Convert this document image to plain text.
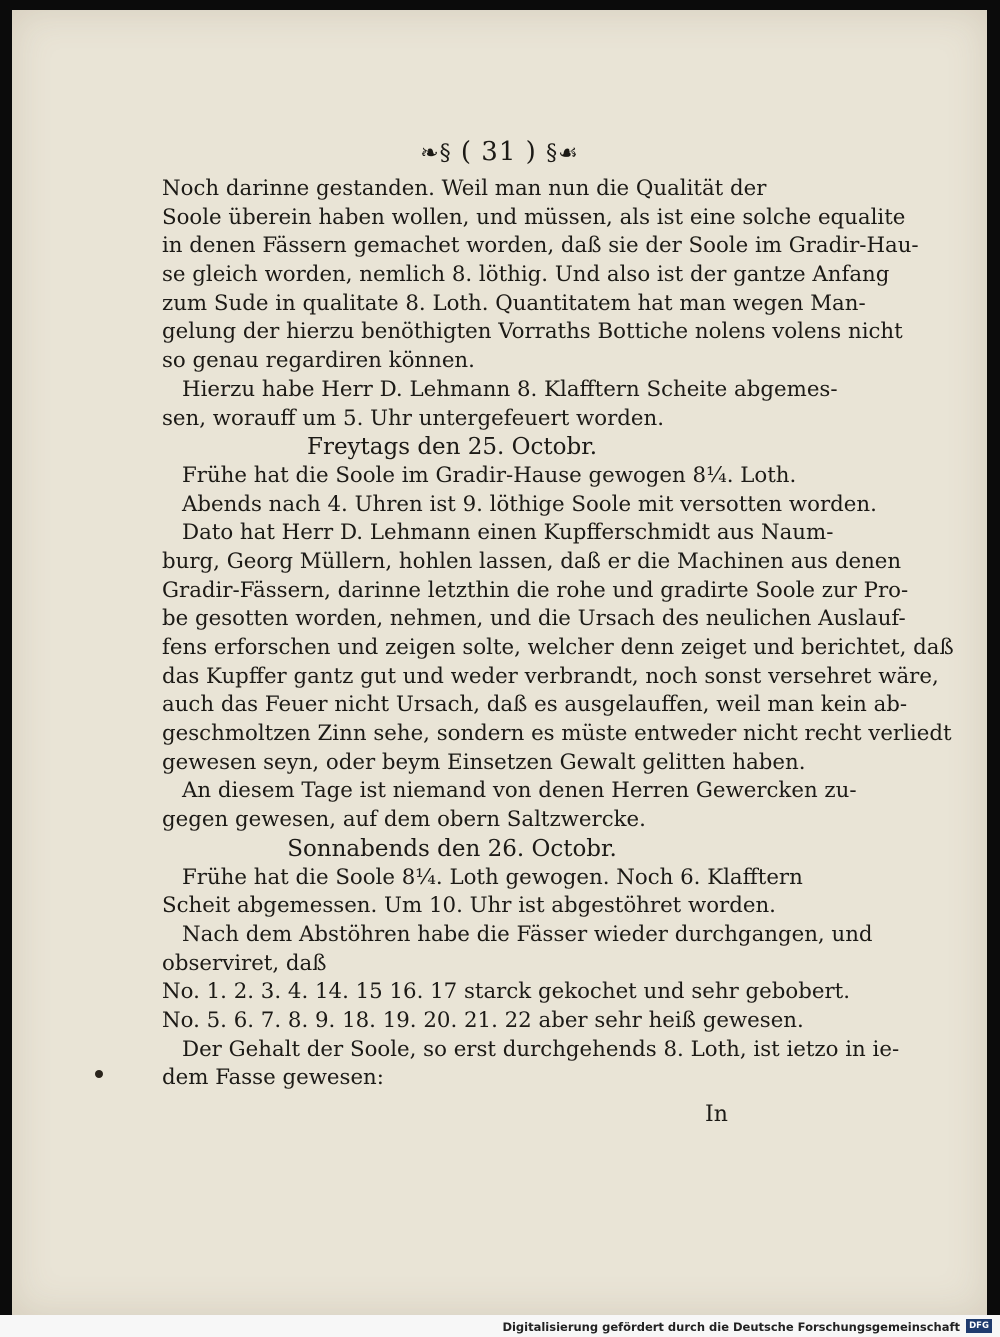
❧§ ( 31 ) §☙
Noch darinne gestanden. Weil man nun die Qualität der
Soole überein haben wollen, und müssen, als ist eine solche equalite
in denen Fässern gemachet worden, daß sie der Soole im Gradir-Hau-
se gleich worden, nemlich 8. löthig. Und also ist der gantze Anfang
zum Sude in qualitate 8. Loth. Quantitatem hat man wegen Man-
gelung der hierzu benöthigten Vorraths Bottiche nolens volens nicht
so genau regardiren können.
Hierzu habe Herr D. Lehmann 8. Klafftern Scheite abgemes-
sen, worauff um 5. Uhr untergefeuert worden.
Freytags den 25. Octobr.
Frühe hat die Soole im Gradir-Hause gewogen 8¼. Loth.
Abends nach 4. Uhren ist 9. löthige Soole mit versotten worden.
Dato hat Herr D. Lehmann einen Kupfferschmidt aus Naum-
burg, Georg Müllern, hohlen lassen, daß er die Machinen aus denen
Gradir-Fässern, darinne letzthin die rohe und gradirte Soole zur Pro-
be gesotten worden, nehmen, und die Ursach des neulichen Auslauf-
fens erforschen und zeigen solte, welcher denn zeiget und berichtet, daß
das Kupffer gantz gut und weder verbrandt, noch sonst versehret wäre,
auch das Feuer nicht Ursach, daß es ausgelauffen, weil man kein ab-
geschmoltzen Zinn sehe, sondern es müste entweder nicht recht verliedt
gewesen seyn, oder beym Einsetzen Gewalt gelitten haben.
An diesem Tage ist niemand von denen Herren Gewercken zu-
gegen gewesen, auf dem obern Saltzwercke.
Sonnabends den 26. Octobr.
Frühe hat die Soole 8¼. Loth gewogen. Noch 6. Klafftern
Scheit abgemessen. Um 10. Uhr ist abgestöhret worden.
Nach dem Abstöhren habe die Fässer wieder durchgangen, und
observiret, daß
No. 1. 2. 3. 4. 14. 15 16. 17 starck gekochet und sehr gebobert.
No. 5. 6. 7. 8. 9. 18. 19. 20. 21. 22 aber sehr heiß gewesen.
Der Gehalt der Soole, so erst durchgehends 8. Loth, ist ietzo in ie-
dem Fasse gewesen:
In
Digitalisierung gefördert durch die Deutsche Forschungsgemeinschaft	DFG
